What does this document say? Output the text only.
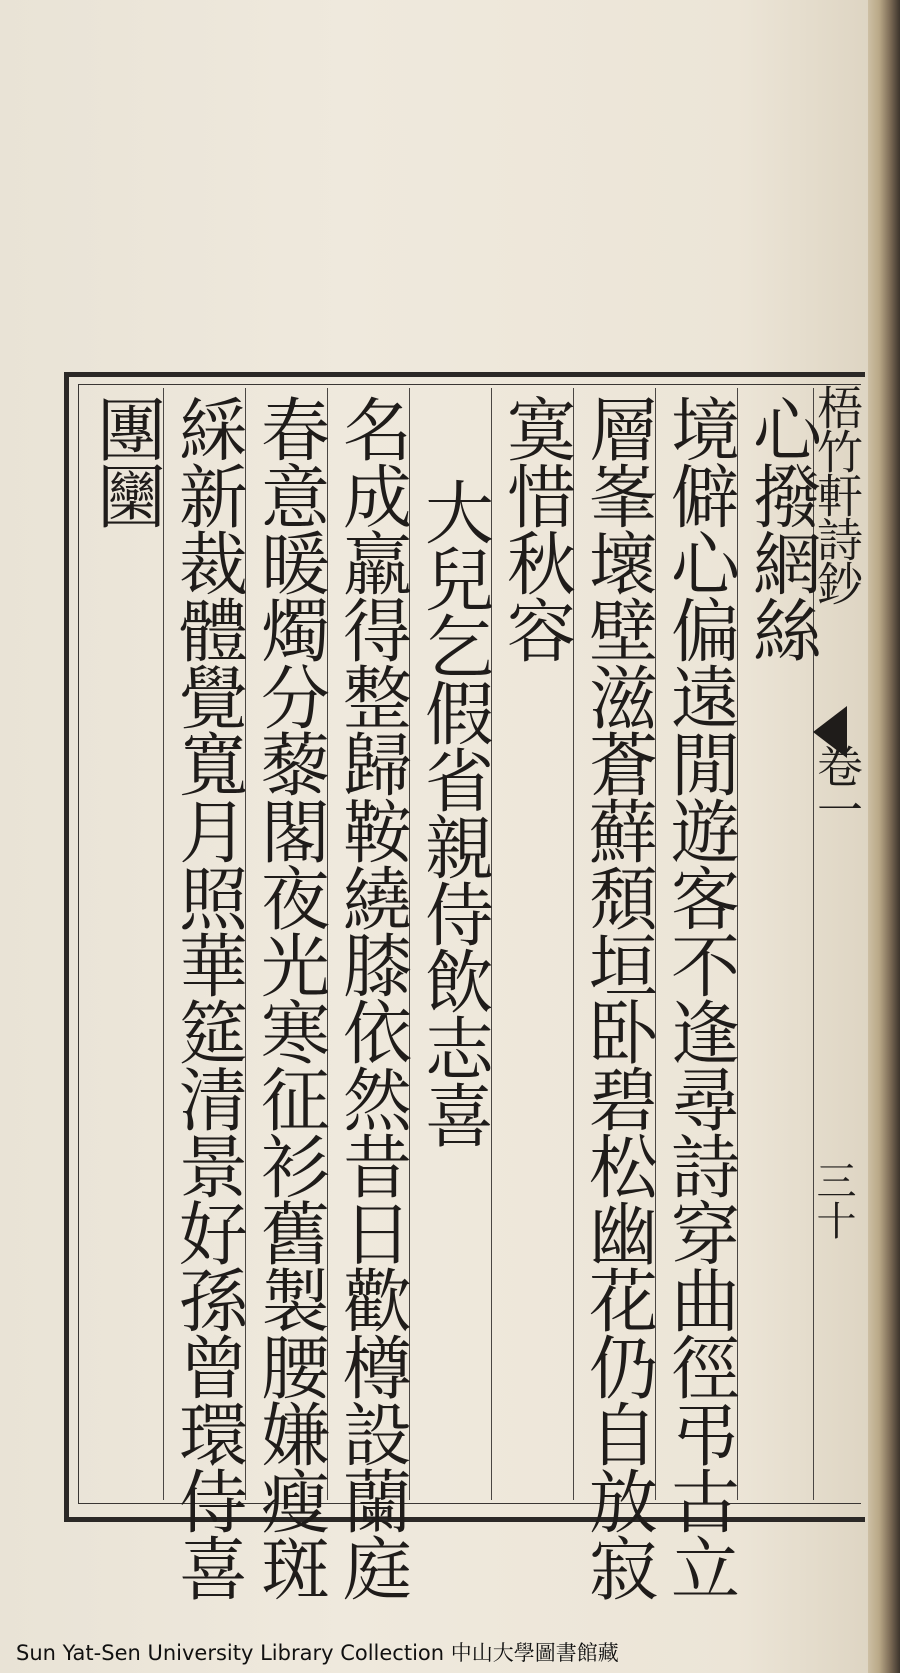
心撥網絲
境僻心偏遠閒遊客不逢尋詩穿曲徑弔古立
層峯壞壁滋蒼蘚頹垣卧碧松幽花仍自放寂
寞惜秋容
大兒乞假省親侍飲志喜
名成羸得整歸鞍繞膝依然昔日歡樽設蘭庭
春意暖燭分藜閣夜光寒征衫舊製腰嫌瘦斑
綵新裁體覺寬月照華筵清景好孫曾環侍喜
團圞	梧竹軒詩鈔
卷一
三十
Sun Yat-Sen University Library Collection 中山大學圖書館藏
